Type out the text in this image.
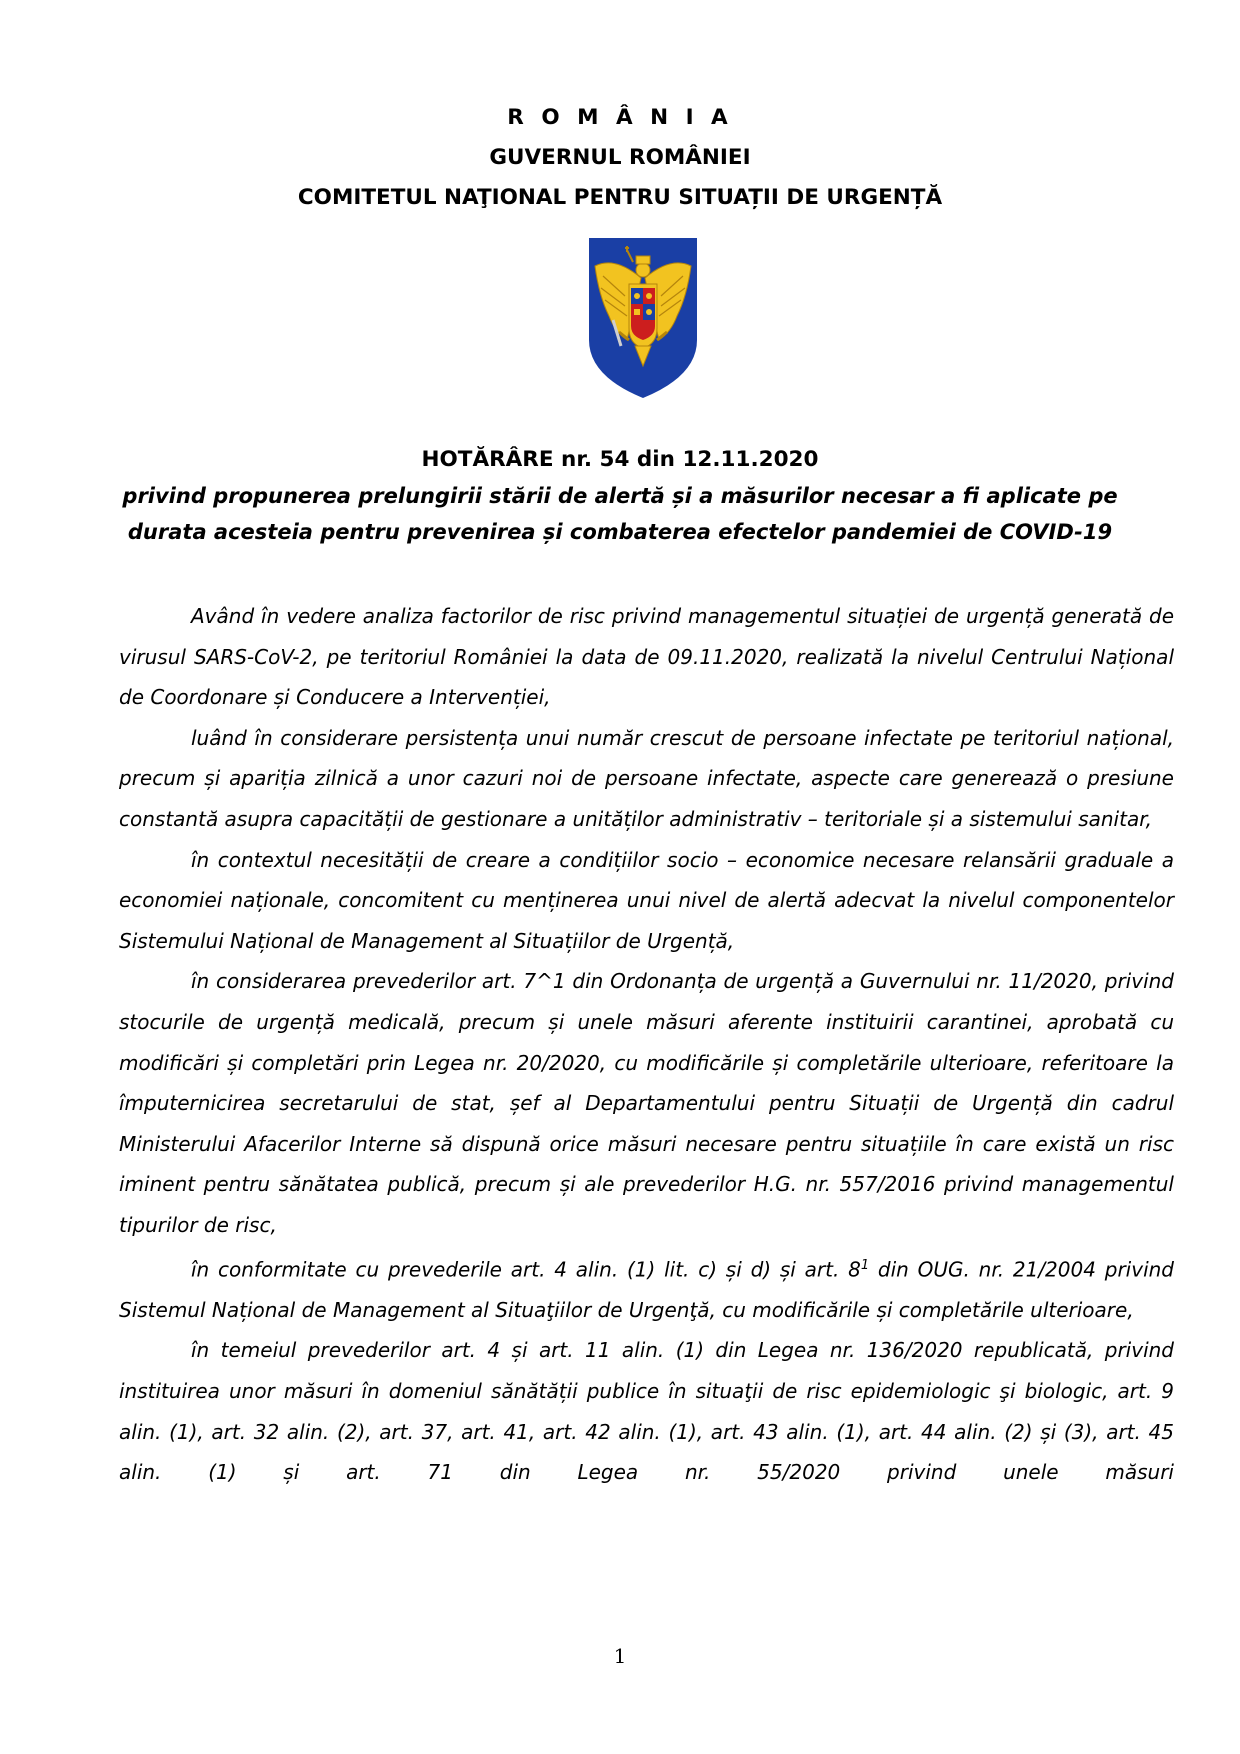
R O M Â N I A
GUVERNUL ROMÂNIEI
COMITETUL NAŢIONAL PENTRU SITUAȚII DE URGENȚĂ
HOTĂRÂRE nr. 54 din 12.11.2020
privind propunerea prelungirii stării de alertă și a măsurilor necesar a fi aplicate pe
durata acesteia pentru prevenirea și combaterea efectelor pandemiei de COVID-19

Având în vedere analiza factorilor de risc privind managementul situației de urgență generată de virusul SARS-CoV-2, pe teritoriul României la data de 09.11.2020, realizată la nivelul Centrului Național de Coordonare și Conducere a Intervenției,

luând în considerare persistența unui număr crescut de persoane infectate pe teritoriul național, precum și apariția zilnică a unor cazuri noi de persoane infectate, aspecte care generează o presiune constantă asupra capacității de gestionare a unităților administrativ – teritoriale și a sistemului sanitar,

în contextul necesității de creare a condițiilor socio – economice necesare relansării graduale a economiei naționale, concomitent cu menținerea unui nivel de alertă adecvat la nivelul componentelor Sistemului Național de Management al Situațiilor de Urgență,

în considerarea prevederilor art. 7^1 din Ordonanța de urgență a Guvernului nr. 11/2020, privind stocurile de urgență medicală, precum și unele măsuri aferente instituirii carantinei, aprobată cu modificări și completări prin Legea nr. 20/2020, cu modificările și completările ulterioare, referitoare la împuternicirea secretarului de stat, șef al Departamentului pentru Situații de Urgență din cadrul Ministerului Afacerilor Interne să dispună orice măsuri necesare pentru situațiile în care există un risc iminent pentru sănătatea publică, precum și ale prevederilor H.G. nr. 557/2016 privind managementul tipurilor de risc,

în conformitate cu prevederile art. 4 alin. (1) lit. c) și d) și art. $8^1$ din OUG. nr. 21/2004 privind Sistemul Național de Management al Situaţiilor de Urgenţă, cu modificările și completările ulterioare,

în temeiul prevederilor art. 4 și art. 11 alin. (1) din Legea nr. 136/2020 republicată, privind instituirea unor măsuri în domeniul sănătății publice în situaţii de risc epidemiologic şi biologic, art. 9 alin. (1), art. 32 alin. (2), art. 37, art. 41, art. 42 alin. (1), art. 43 alin. (1), art. 44 alin. (2) și (3), art. 45 alin. (1) și art. 71 din Legea nr. 55/2020 privind unele măsuri

1
